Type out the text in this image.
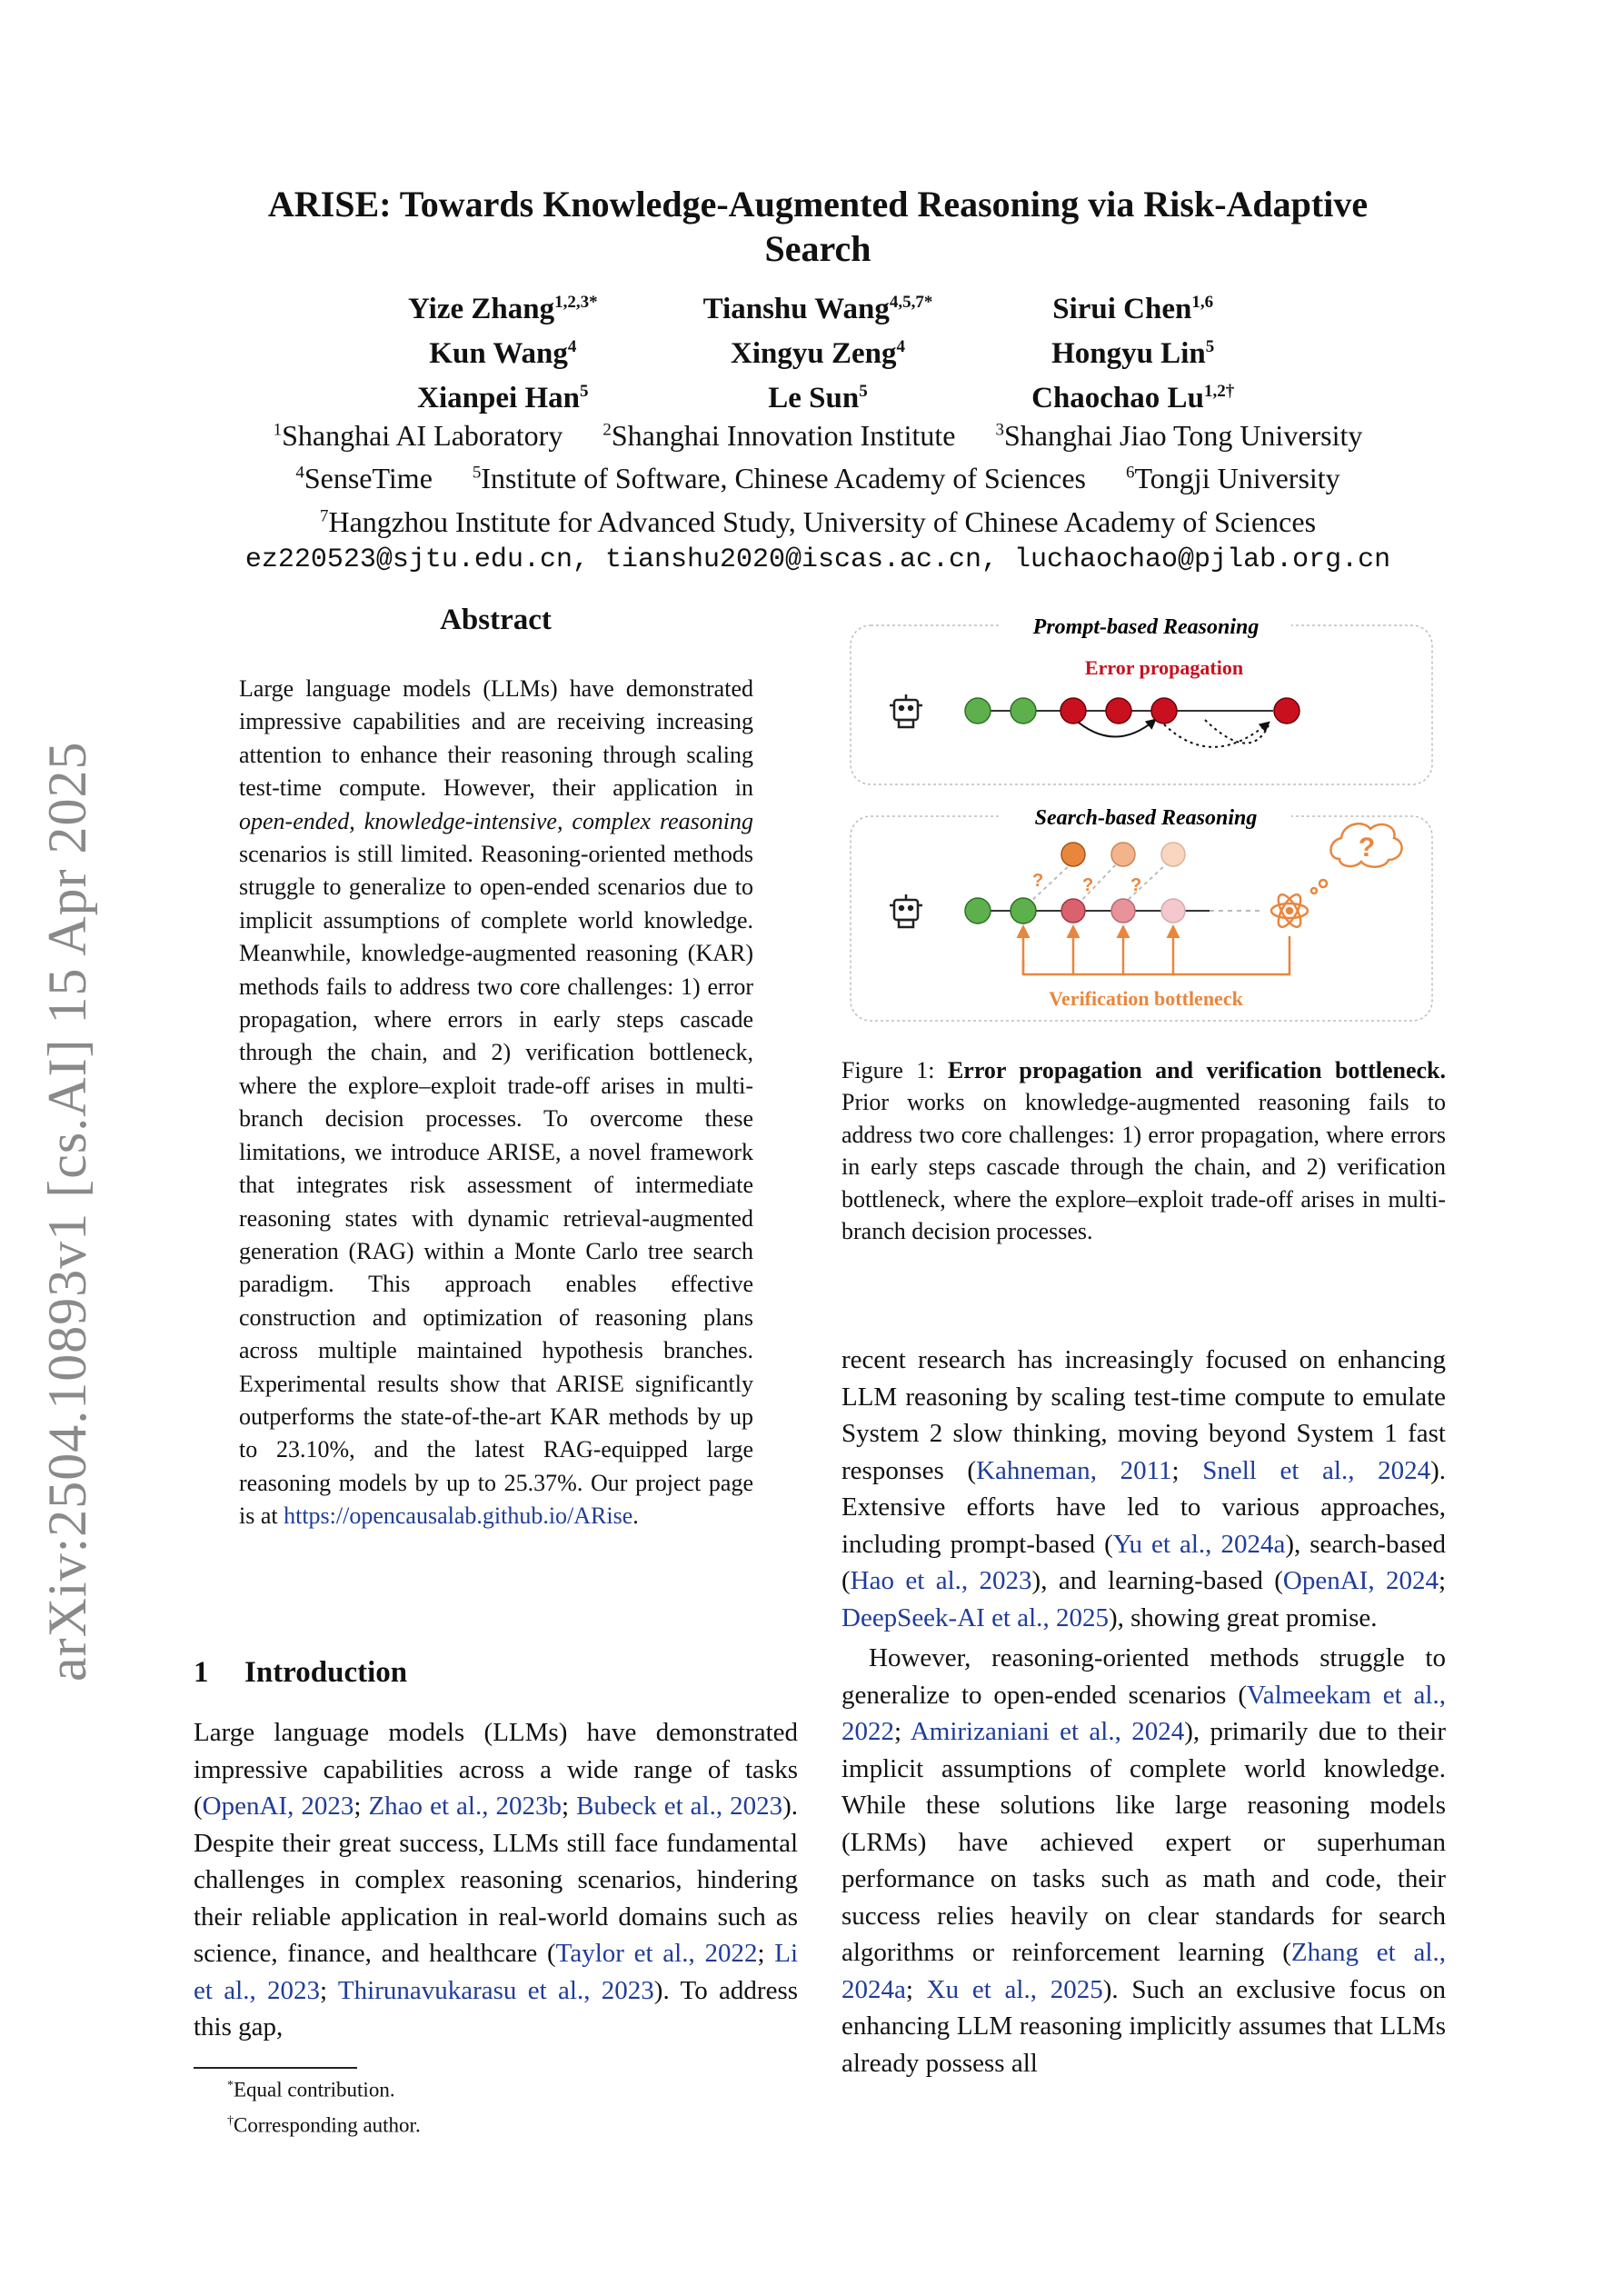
arXiv:2504.10893v1 [cs.AI] 15 Apr 2025
ARISE: Towards Knowledge-Augmented Reasoning via Risk-Adaptive
Search
Yize Zhang$^{1,2,3*}$	Tianshu Wang$^{4,5,7*}$	Sirui Chen$^{1,6}$
Kun Wang$^4$	Xingyu Zeng$^4$	Hongyu Lin$^5$
Xianpei Han$^5$	Le Sun$^5$	Chaochao $Lu^{1,2\dagger}$
$^1$Shanghai AI Laboratory $^2$Shanghai Innovation Institute $^3$Shanghai Jiao Tong University
$^4$SenseTime $^5$Institute of Software, Chinese Academy of Sciences $^6$Tongji University
$^7$Hangzhou Institute for Advanced Study, University of Chinese Academy of Sciences
ez220523@sjtu.edu.cn, tianshu2020@iscas.ac.cn, luchaochao@pjlab.org.cn
Abstract
Large language models (LLMs) have demonstrated impressive capabilities and are receiving increasing attention to enhance their reasoning through scaling test-time compute. However, their application in open-ended, knowledge-intensive, complex reasoning scenarios is still limited. Reasoning-oriented methods struggle to generalize to open-ended scenarios due to implicit assumptions of complete world knowledge. Meanwhile, knowledge-augmented reasoning (KAR) methods fails to address two core challenges: 1) error propagation, where errors in early steps cascade through the chain, and 2) verification bottleneck, where the explore–exploit trade-off arises in multi-branch decision processes. To overcome these limitations, we introduce ARISE, a novel framework that integrates risk assessment of intermediate reasoning states with dynamic retrieval-augmented generation (RAG) within a Monte Carlo tree search paradigm. This approach enables effective construction and optimization of reasoning plans across multiple maintained hypothesis branches. Experimental results show that ARISE significantly outperforms the state-of-the-art KAR methods by up to 23.10%, and the latest RAG-equipped large reasoning models by up to 25.37%. Our project page is at https://opencausalab.github.io/ARise.
1 Introduction

Large language models (LLMs) have demonstrated impressive capabilities across a wide range of tasks (OpenAI, 2023; Zhao et al., 2023b; Bubeck et al., 2023). Despite their great success, LLMs still face fundamental challenges in complex reasoning scenarios, hindering their reliable application in real-world domains such as science, finance, and healthcare (Taylor et al., 2022; Li et al., 2023; Thirunavukarasu et al., 2023). To address this gap,

*Equal contribution.
†Corresponding author.
Prompt-based Reasoning
Error propagation
Search-based Reasoning
? ? ?
?
Verification bottleneck
Figure 1: Error propagation and verification bottleneck. Prior works on knowledge-augmented reasoning fails to address two core challenges: 1) error propagation, where errors in early steps cascade through the chain, and 2) verification bottleneck, where the explore–exploit trade-off arises in multi-branch decision processes.

recent research has increasingly focused on enhancing LLM reasoning by scaling test-time compute to emulate System 2 slow thinking, moving beyond System 1 fast responses (Kahneman, 2011; Snell et al., 2024). Extensive efforts have led to various approaches, including prompt-based (Yu et al., 2024a), search-based (Hao et al., 2023), and learning-based (OpenAI, 2024; DeepSeek-AI et al., 2025), showing great promise.

However, reasoning-oriented methods struggle to generalize to open-ended scenarios (Valmeekam et al., 2022; Amirizaniani et al., 2024), primarily due to their implicit assumptions of complete world knowledge. While these solutions like large reasoning models (LRMs) have achieved expert or superhuman performance on tasks such as math and code, their success relies heavily on clear standards for search algorithms or reinforcement learning (Zhang et al., 2024a; Xu et al., 2025). Such an exclusive focus on enhancing LLM reasoning implicitly assumes that LLMs already possess all
